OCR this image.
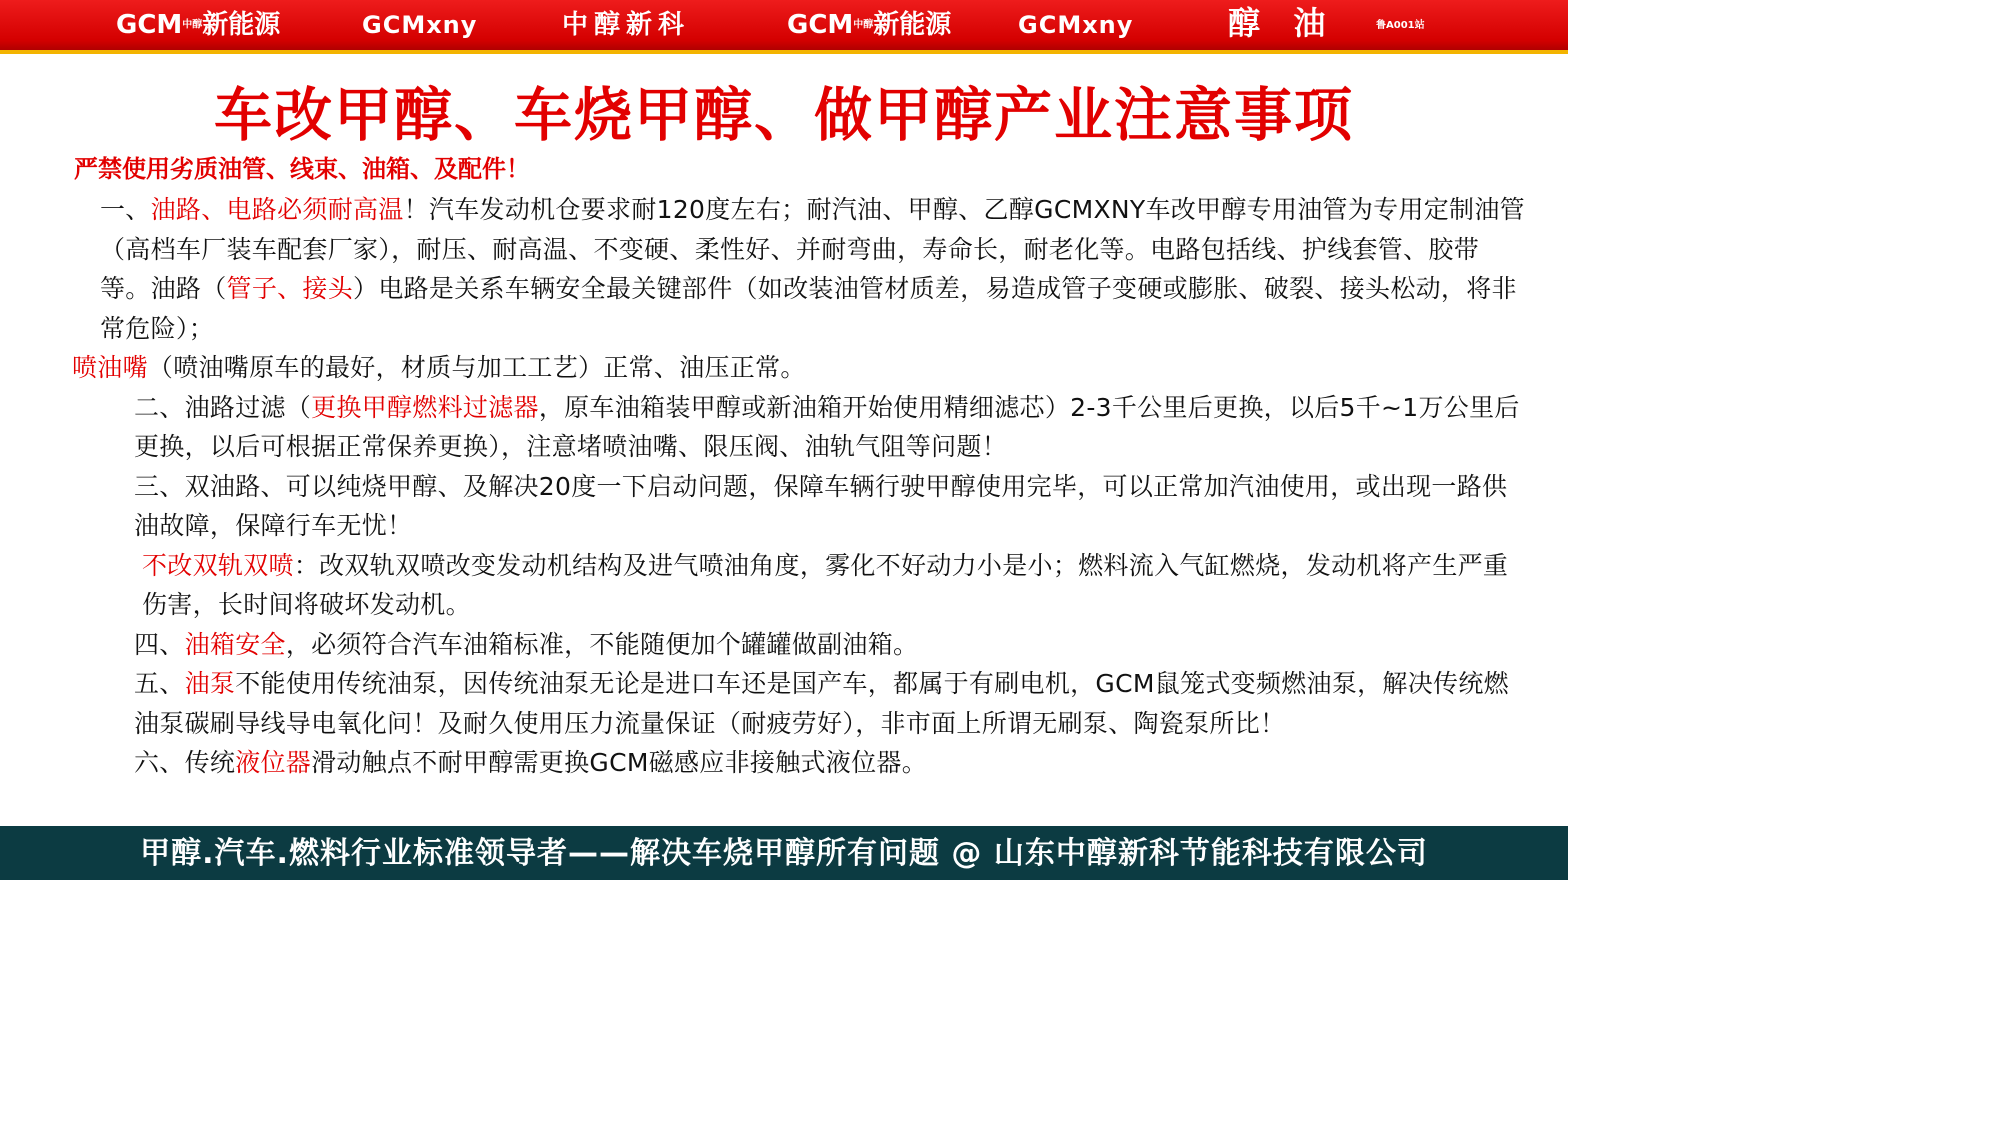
GCM中醇新能源	GCMxny	中醇新科	GCM中醇新能源	GCMxny	醇   油	鲁A001站
车改甲醇、车烧甲醇、做甲醇产业注意事项
严禁使用劣质油管、线束、油箱、及配件！

一、油路、电路必须耐高温！汽车发动机仓要求耐120度左右；耐汽油、甲醇、乙醇GCMXNY车改甲醇专用油管为专用定制油管（高档车厂装车配套厂家），耐压、耐高温、不变硬、柔性好、并耐弯曲，寿命长，耐老化等。电路包括线、护线套管、胶带等。油路（管子、接头）电路是关系车辆安全最关键部件（如改装油管材质差，易造成管子变硬或膨胀、破裂、接头松动，将非常危险）；

喷油嘴（喷油嘴原车的最好，材质与加工工艺）正常、油压正常。

二、油路过滤（更换甲醇燃料过滤器，原车油箱装甲醇或新油箱开始使用精细滤芯）2-3千公里后更换，以后5千~1万公里后更换，以后可根据正常保养更换），注意堵喷油嘴、限压阀、油轨气阻等问题！

三、双油路、可以纯烧甲醇、及解决20度一下启动问题，保障车辆行驶甲醇使用完毕，可以正常加汽油使用，或出现一路供油故障，保障行车无忧！

不改双轨双喷：改双轨双喷改变发动机结构及进气喷油角度，雾化不好动力小是小；燃料流入气缸燃烧，发动机将产生严重伤害，长时间将破坏发动机。

四、油箱安全，必须符合汽车油箱标准，不能随便加个罐罐做副油箱。

五、油泵不能使用传统油泵，因传统油泵无论是进口车还是国产车，都属于有刷电机，GCM鼠笼式变频燃油泵，解决传统燃油泵碳刷导线导电氧化问！及耐久使用压力流量保证（耐疲劳好），非市面上所谓无刷泵、陶瓷泵所比！

六、传统液位器滑动触点不耐甲醇需更换GCM磁感应非接触式液位器。

甲醇.汽车.燃料行业标准领导者——解决车烧甲醇所有问题 @ 山东中醇新科节能科技有限公司
